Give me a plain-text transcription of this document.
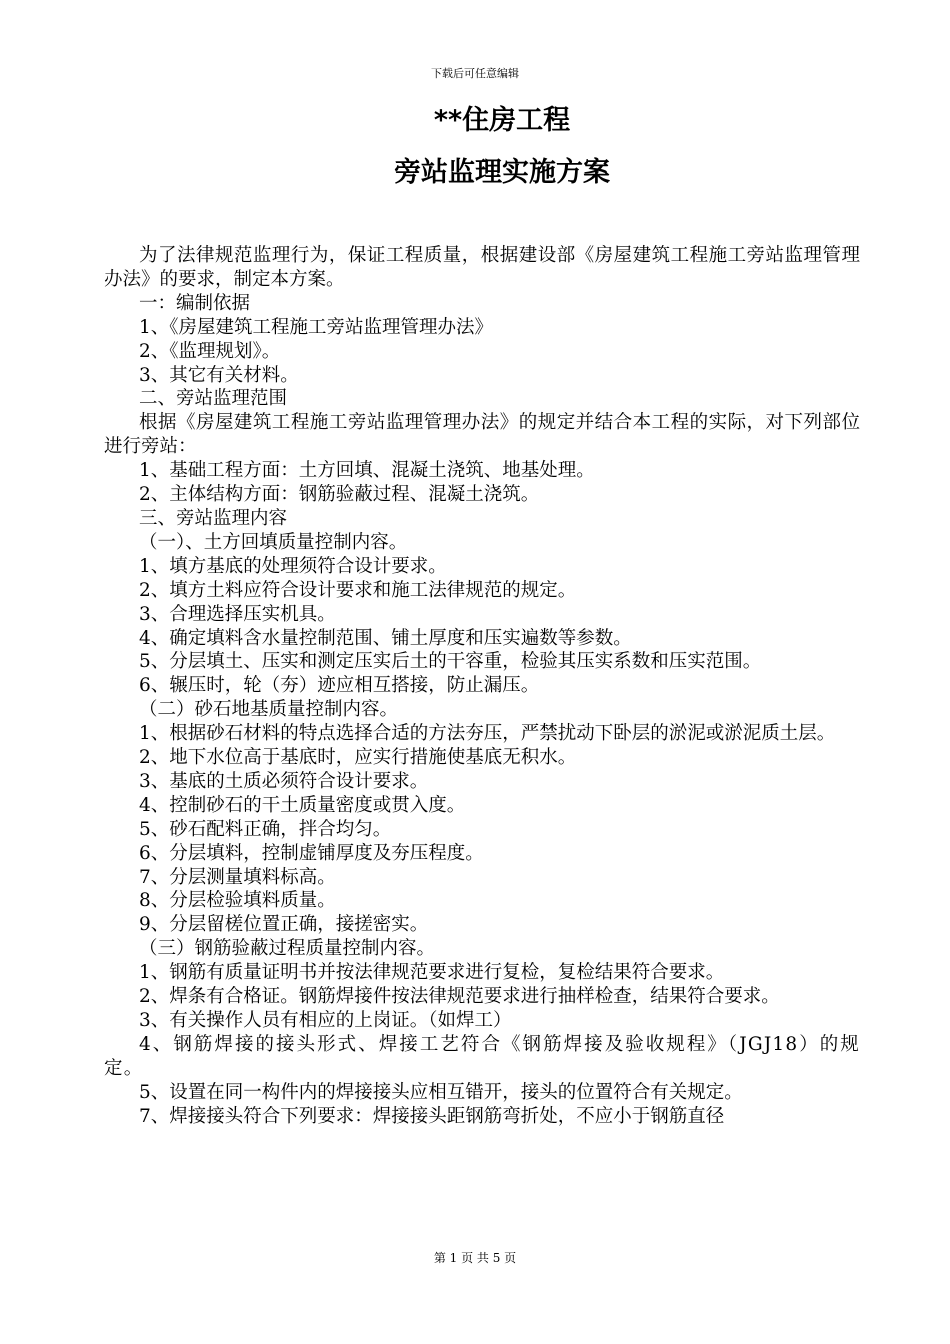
下载后可任意编辑
**住房工程
旁站监理实施方案

为了法律规范监理行为，保证工程质量，根据建设部《房屋建筑工程施工旁站监理管理办法》的要求，制定本方案。

一：编制依据

1、《房屋建筑工程施工旁站监理管理办法》

2、《监理规划》。

3、其它有关材料。

二、旁站监理范围

根据《房屋建筑工程施工旁站监理管理办法》的规定并结合本工程的实际，对下列部位进行旁站：

1、基础工程方面：土方回填、混凝土浇筑、地基处理。

2、主体结构方面：钢筋验蔽过程、混凝土浇筑。

三、旁站监理内容

（一）、土方回填质量控制内容。

1、填方基底的处理须符合设计要求。

2、填方土料应符合设计要求和施工法律规范的规定。

3、合理选择压实机具。

4、确定填料含水量控制范围、铺土厚度和压实遍数等参数。

5、分层填土、压实和测定压实后土的干容重，检验其压实系数和压实范围。

6、辗压时，轮（夯）迹应相互搭接，防止漏压。

（二）砂石地基质量控制内容。

1、根据砂石材料的特点选择合适的方法夯压，严禁扰动下卧层的淤泥或淤泥质土层。

2、地下水位高于基底时，应实行措施使基底无积水。

3、基底的土质必须符合设计要求。

4、控制砂石的干土质量密度或贯入度。

5、砂石配料正确，拌合均匀。

6、分层填料，控制虚铺厚度及夯压程度。

7、分层测量填料标高。

8、分层检验填料质量。

9、分层留槎位置正确，接搓密实。

（三）钢筋验蔽过程质量控制内容。

1、钢筋有质量证明书并按法律规范要求进行复检，复检结果符合要求。

2、焊条有合格证。钢筋焊接件按法律规范要求进行抽样检查，结果符合要求。

3、有关操作人员有相应的上岗证。（如焊工）

4、钢筋焊接的接头形式、焊接工艺符合《钢筋焊接及验收规程》（JGJ18）的规定。

5、设置在同一构件内的焊接接头应相互错开，接头的位置符合有关规定。

7、焊接接头符合下列要求：焊接接头距钢筋弯折处，不应小于钢筋直径

第 1 页 共 5 页
